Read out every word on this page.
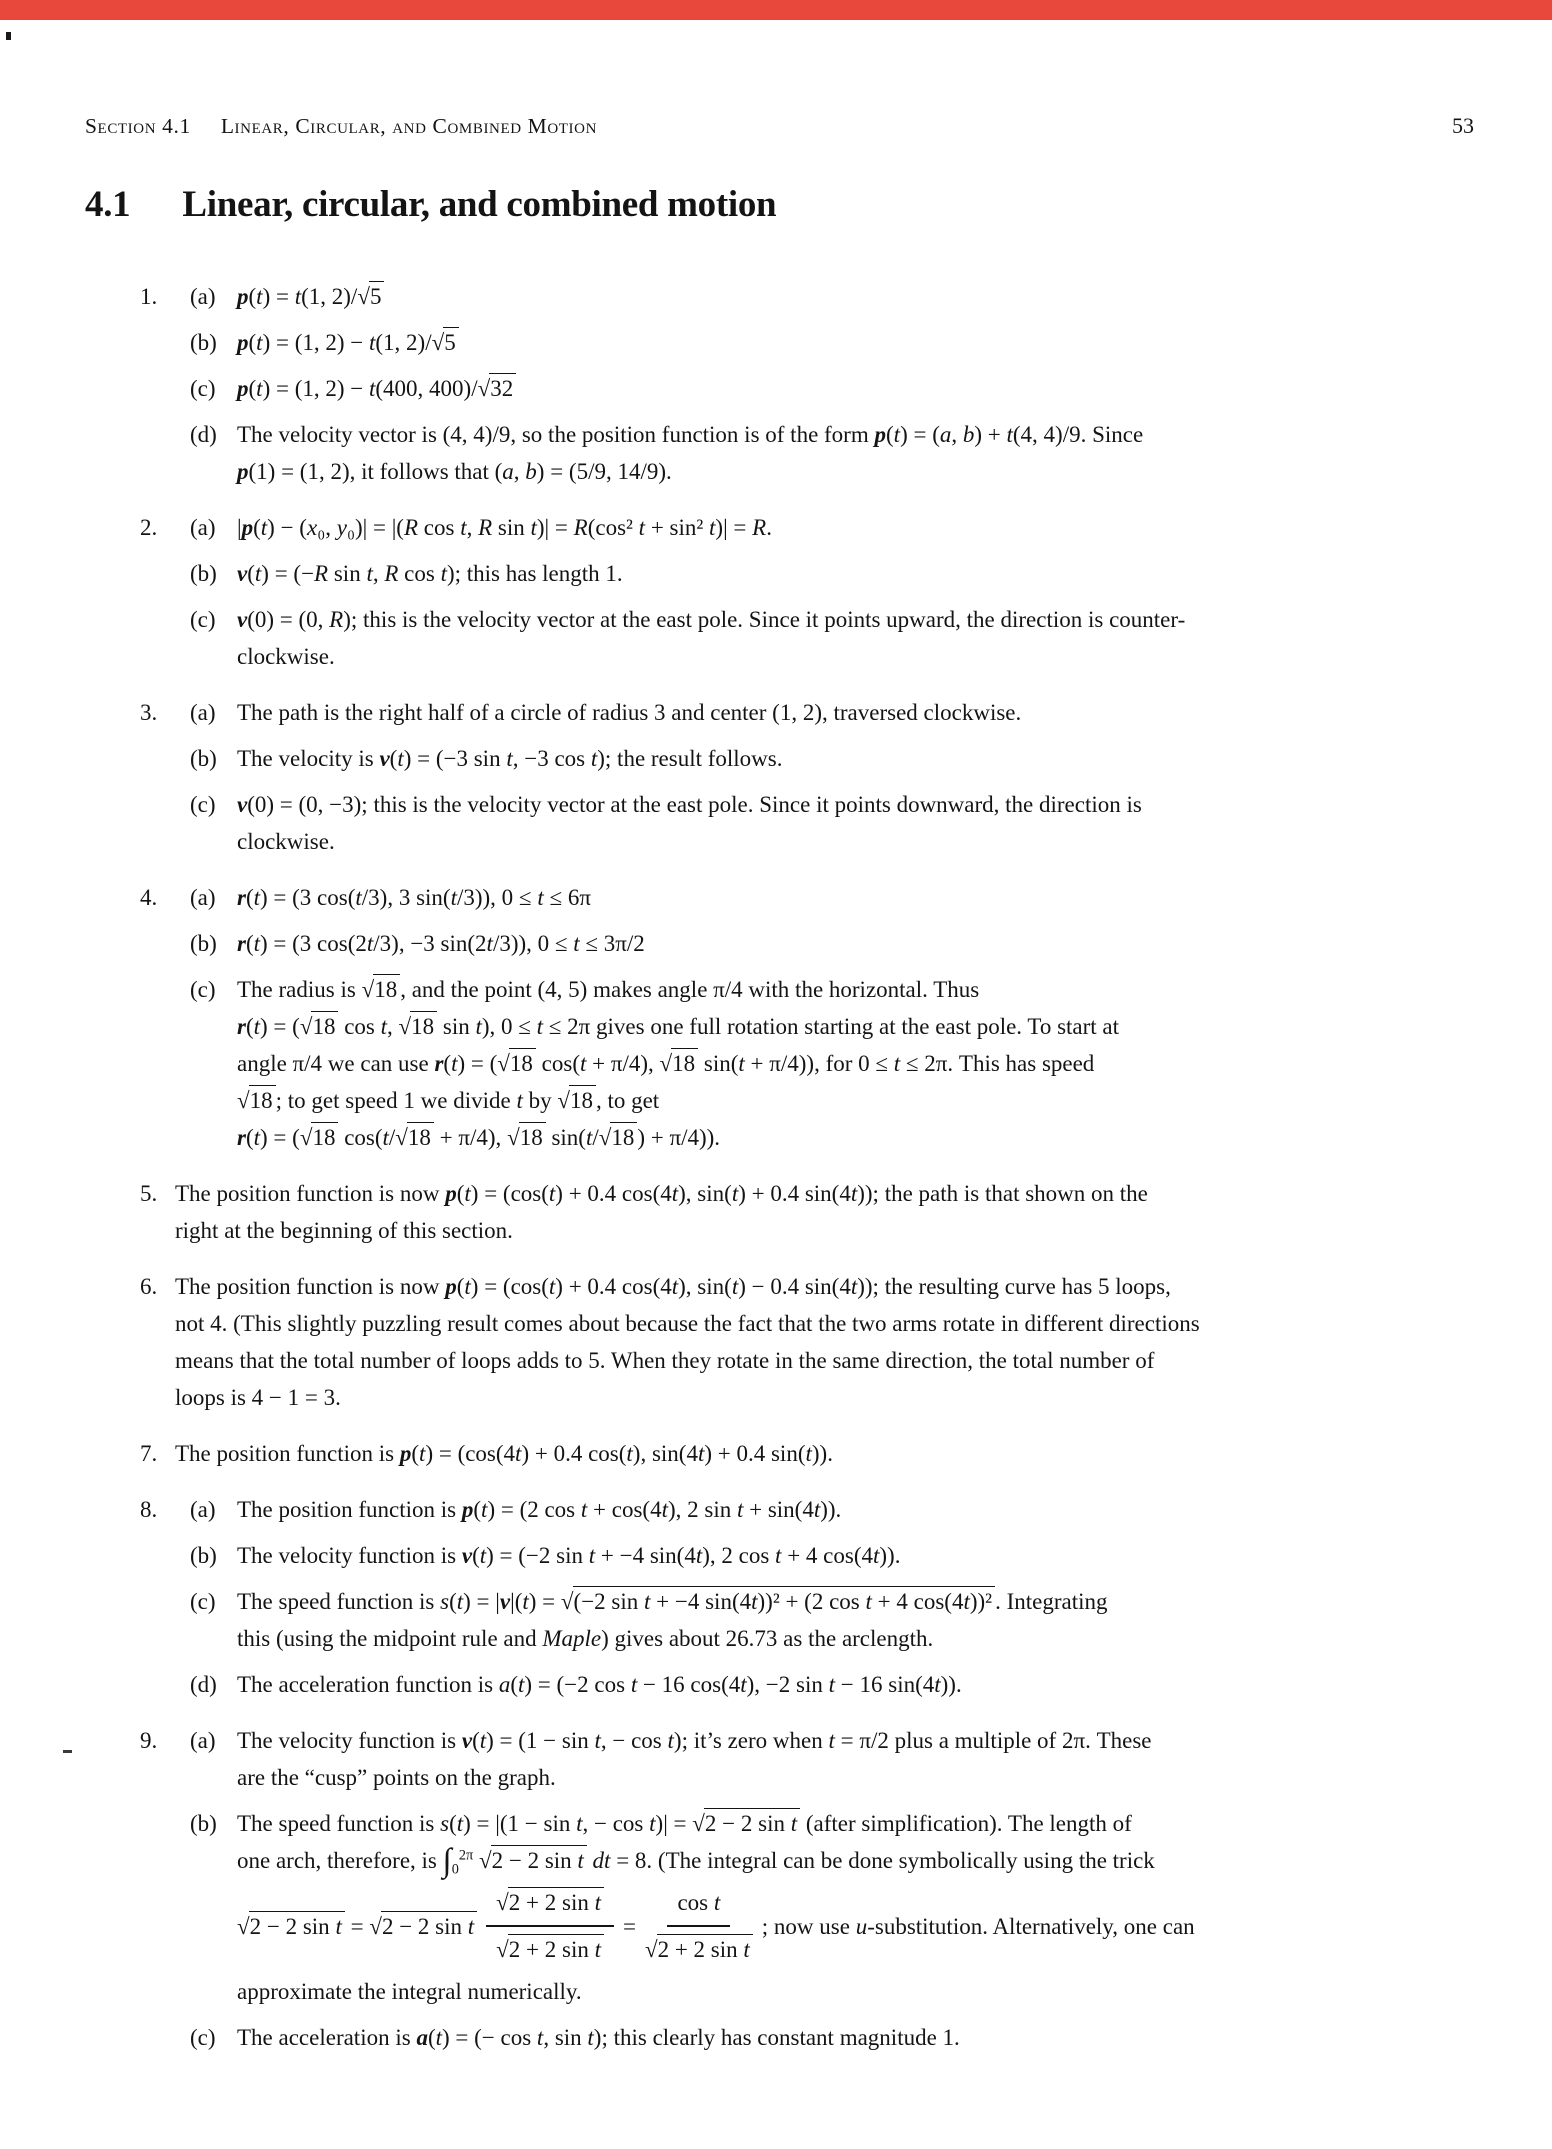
Section 4.1 Linear, Circular, and Combined Motion	53
4.1 Linear, circular, and combined motion
1.	(a) p(t) = t(1, 2)/√5
(b) p(t) = (1, 2) − t(1, 2)/√5
(c) p(t) = (1, 2) − t(400, 400)/√32
(d) The velocity vector is (4, 4)/9, so the position function is of the form p(t) = (a, b) + t(4, 4)/9. Since
p(1) = (1, 2), it follows that (a, b) = (5/9, 14/9).
2.	(a) |p(t) − (x₀, y₀)| = |(R cos t, R sin t)| = R(cos² t + sin² t)| = R.
(b) v(t) = (−R sin t, R cos t); this has length 1.
(c) v(0) = (0, R); this is the velocity vector at the east pole. Since it points upward, the direction is counter-
clockwise.
3.	(a) The path is the right half of a circle of radius 3 and center (1, 2), traversed clockwise.
(b) The velocity is v(t) = (−3 sin t, −3 cos t); the result follows.
(c) v(0) = (0, −3); this is the velocity vector at the east pole. Since it points downward, the direction is
clockwise.
4.	(a) r(t) = (3 cos(t/3), 3 sin(t/3)), 0 ≤ t ≤ 6π
(b) r(t) = (3 cos(2t/3), −3 sin(2t/3)), 0 ≤ t ≤ 3π/2
(c) The radius is √18 , and the point (4, 5) makes angle π/4 with the horizontal. Thus
r(t) = (√18 cos t, √18 sin t), 0 ≤ t ≤ 2π gives one full rotation starting at the east pole. To start at
angle π/4 we can use r(t) = (√18 cos(t + π/4), √18 sin(t + π/4)), for 0 ≤ t ≤ 2π. This has speed
√18 ; to get speed 1 we divide t by √18 , to get
r(t) = (√18 cos(t/√18 + π/4), √18 sin(t/√18 ) + π/4)).
5. The position function is now p(t) = (cos(t) + 0.4 cos(4t), sin(t) + 0.4 sin(4t)); the path is that shown on the
right at the beginning of this section.
6. The position function is now p(t) = (cos(t) + 0.4 cos(4t), sin(t) − 0.4 sin(4t)); the resulting curve has 5 loops,
not 4. (This slightly puzzling result comes about because the fact that the two arms rotate in different directions
means that the total number of loops adds to 5. When they rotate in the same direction, the total number of
loops is 4 − 1 = 3.
7. The position function is p(t) = (cos(4t) + 0.4 cos(t), sin(4t) + 0.4 sin(t)).
8.	(a) The position function is p(t) = (2 cos t + cos(4t), 2 sin t + sin(4t)).
(b) The velocity function is v(t) = (−2 sin t + −4 sin(4t), 2 cos t + 4 cos(4t)).
(c) The speed function is s(t) = |v|(t) = √(−2 sin t + −4 sin(4t))² + (2 cos t + 4 cos(4t))² . Integrating
this (using the midpoint rule and Maple) gives about 26.73 as the arclength.
(d) The acceleration function is a(t) = (−2 cos t − 16 cos(4t), −2 sin t − 16 sin(4t)).
9.	(a) The velocity function is v(t) = (1 − sin t, − cos t); it’s zero when t = π/2 plus a multiple of 2π. These
are the “cusp” points on the graph.
(b) The speed function is s(t) = |(1 − sin t, − cos t)| = √2 − 2 sin t (after simplification). The length of
one arch, therefore, is $\int_0^{2\pi}$ √2 − 2 sin t dt = 8. (The integral can be done symbolically using the trick
√2 − 2 sin t = √2 − 2 sin t $\frac{\text{√2 + 2 sin t}}{\text{√2 + 2 sin t}} = \frac{\text{cos t}}{\text{√2 + 2 sin t}}$ ; now use u-substitution. Alternatively, one can
approximate the integral numerically.
(c) The acceleration is a(t) = (− cos t, sin t); this clearly has constant magnitude 1.
